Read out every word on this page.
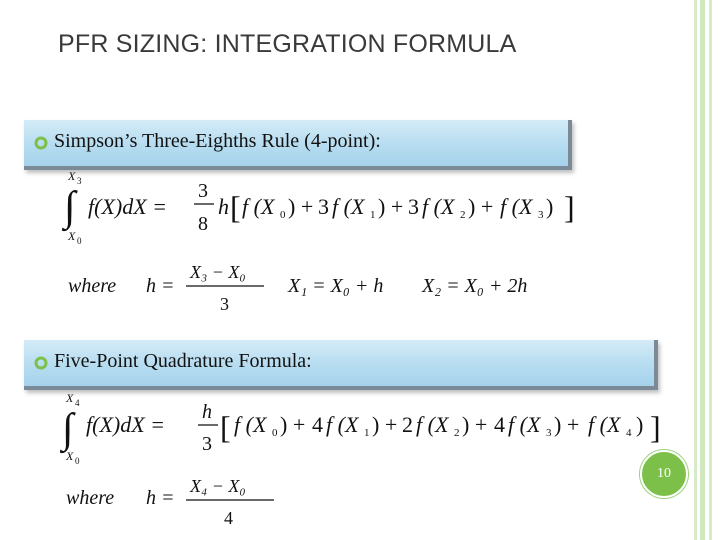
PFR SIZING: INTEGRATION FORMULA
Simpson’s Three-Eighths Rule (4-point):
X 3
∫
X 0
f(X)dX =
3
8
h [ f (X 0 ) + 3 f (X 1 ) + 3 f (X 2 ) + f (X 3 ) ]
where h =
X₃ − X₀
3
X₁ = X₀ + h X₂ = X₀ + 2h
Five-Point Quadrature Formula:
X 4
∫
X 0
f(X)dX = h
3 [ f (X 0 ) + 4 f (X 1 ) + 2 f (X 2 ) + 4 f (X 3 ) + f (X 4 ) ]
where h =
X₄ − X₀
4
10
